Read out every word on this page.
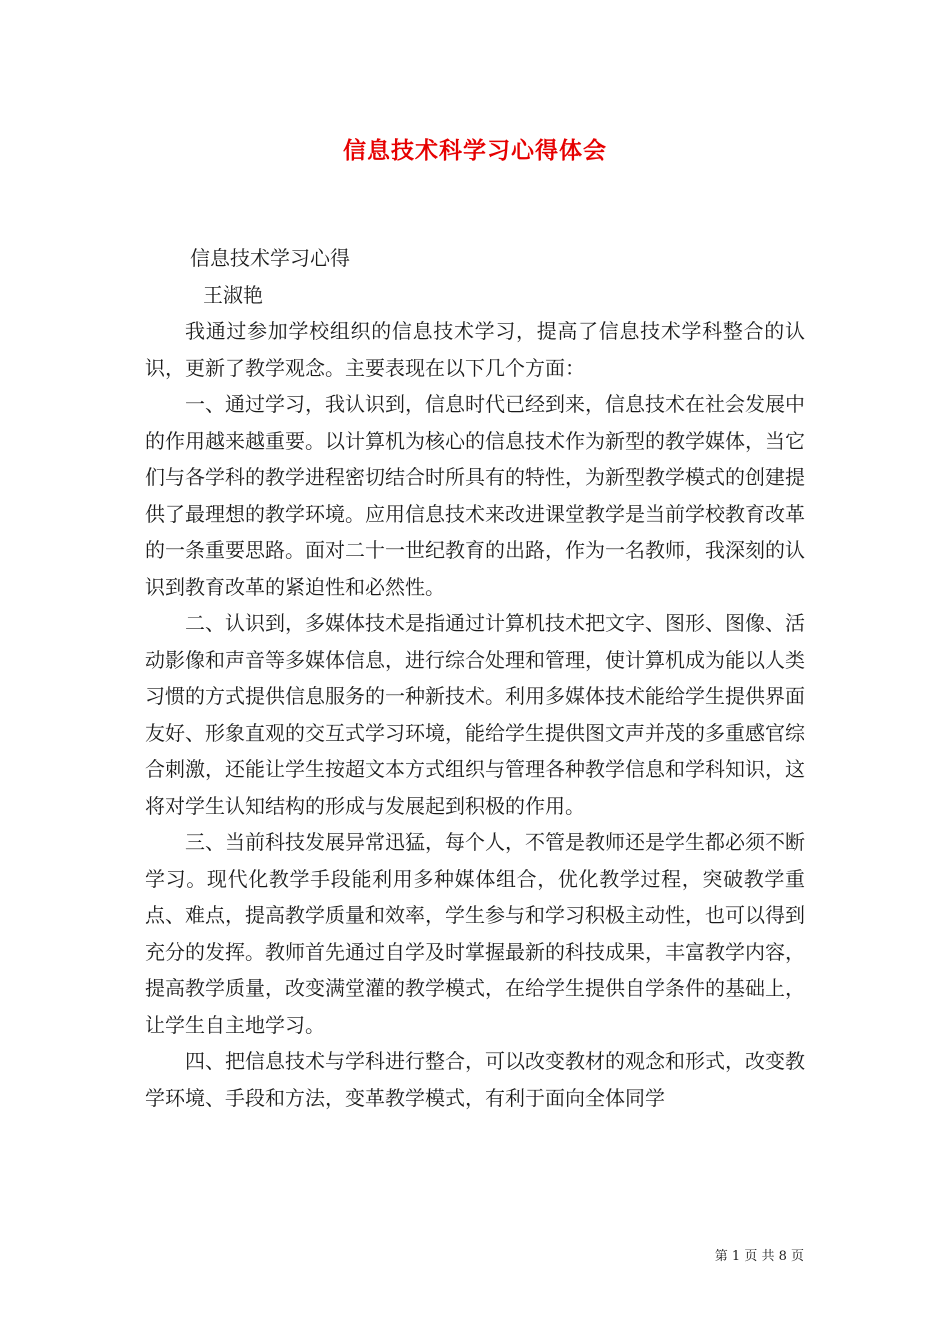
信息技术科学习心得体会

信息技术学习心得

王淑艳

我通过参加学校组织的信息技术学习，提高了信息技术学科整合的认识，更新了教学观念。主要表现在以下几个方面：

一、通过学习，我认识到，信息时代已经到来，信息技术在社会发展中的作用越来越重要。以计算机为核心的信息技术作为新型的教学媒体，当它们与各学科的教学进程密切结合时所具有的特性，为新型教学模式的创建提供了最理想的教学环境。应用信息技术来改进课堂教学是当前学校教育改革的一条重要思路。面对二十一世纪教育的出路，作为一名教师，我深刻的认识到教育改革的紧迫性和必然性。

二、认识到，多媒体技术是指通过计算机技术把文字、图形、图像、活动影像和声音等多媒体信息，进行综合处理和管理，使计算机成为能以人类习惯的方式提供信息服务的一种新技术。利用多媒体技术能给学生提供界面友好、形象直观的交互式学习环境，能给学生提供图文声并茂的多重感官综合刺激，还能让学生按超文本方式组织与管理各种教学信息和学科知识，这将对学生认知结构的形成与发展起到积极的作用。

三、当前科技发展异常迅猛，每个人，不管是教师还是学生都必须不断学习。现代化教学手段能利用多种媒体组合，优化教学过程，突破教学重点、难点，提高教学质量和效率，学生参与和学习积极主动性，也可以得到充分的发挥。教师首先通过自学及时掌握最新的科技成果，丰富教学内容，提高教学质量，改变满堂灌的教学模式，在给学生提供自学条件的基础上，让学生自主地学习。

四、把信息技术与学科进行整合，可以改变教材的观念和形式，改变教学环境、手段和方法，变革教学模式，有利于面向全体同学

第 1 页 共 8 页
